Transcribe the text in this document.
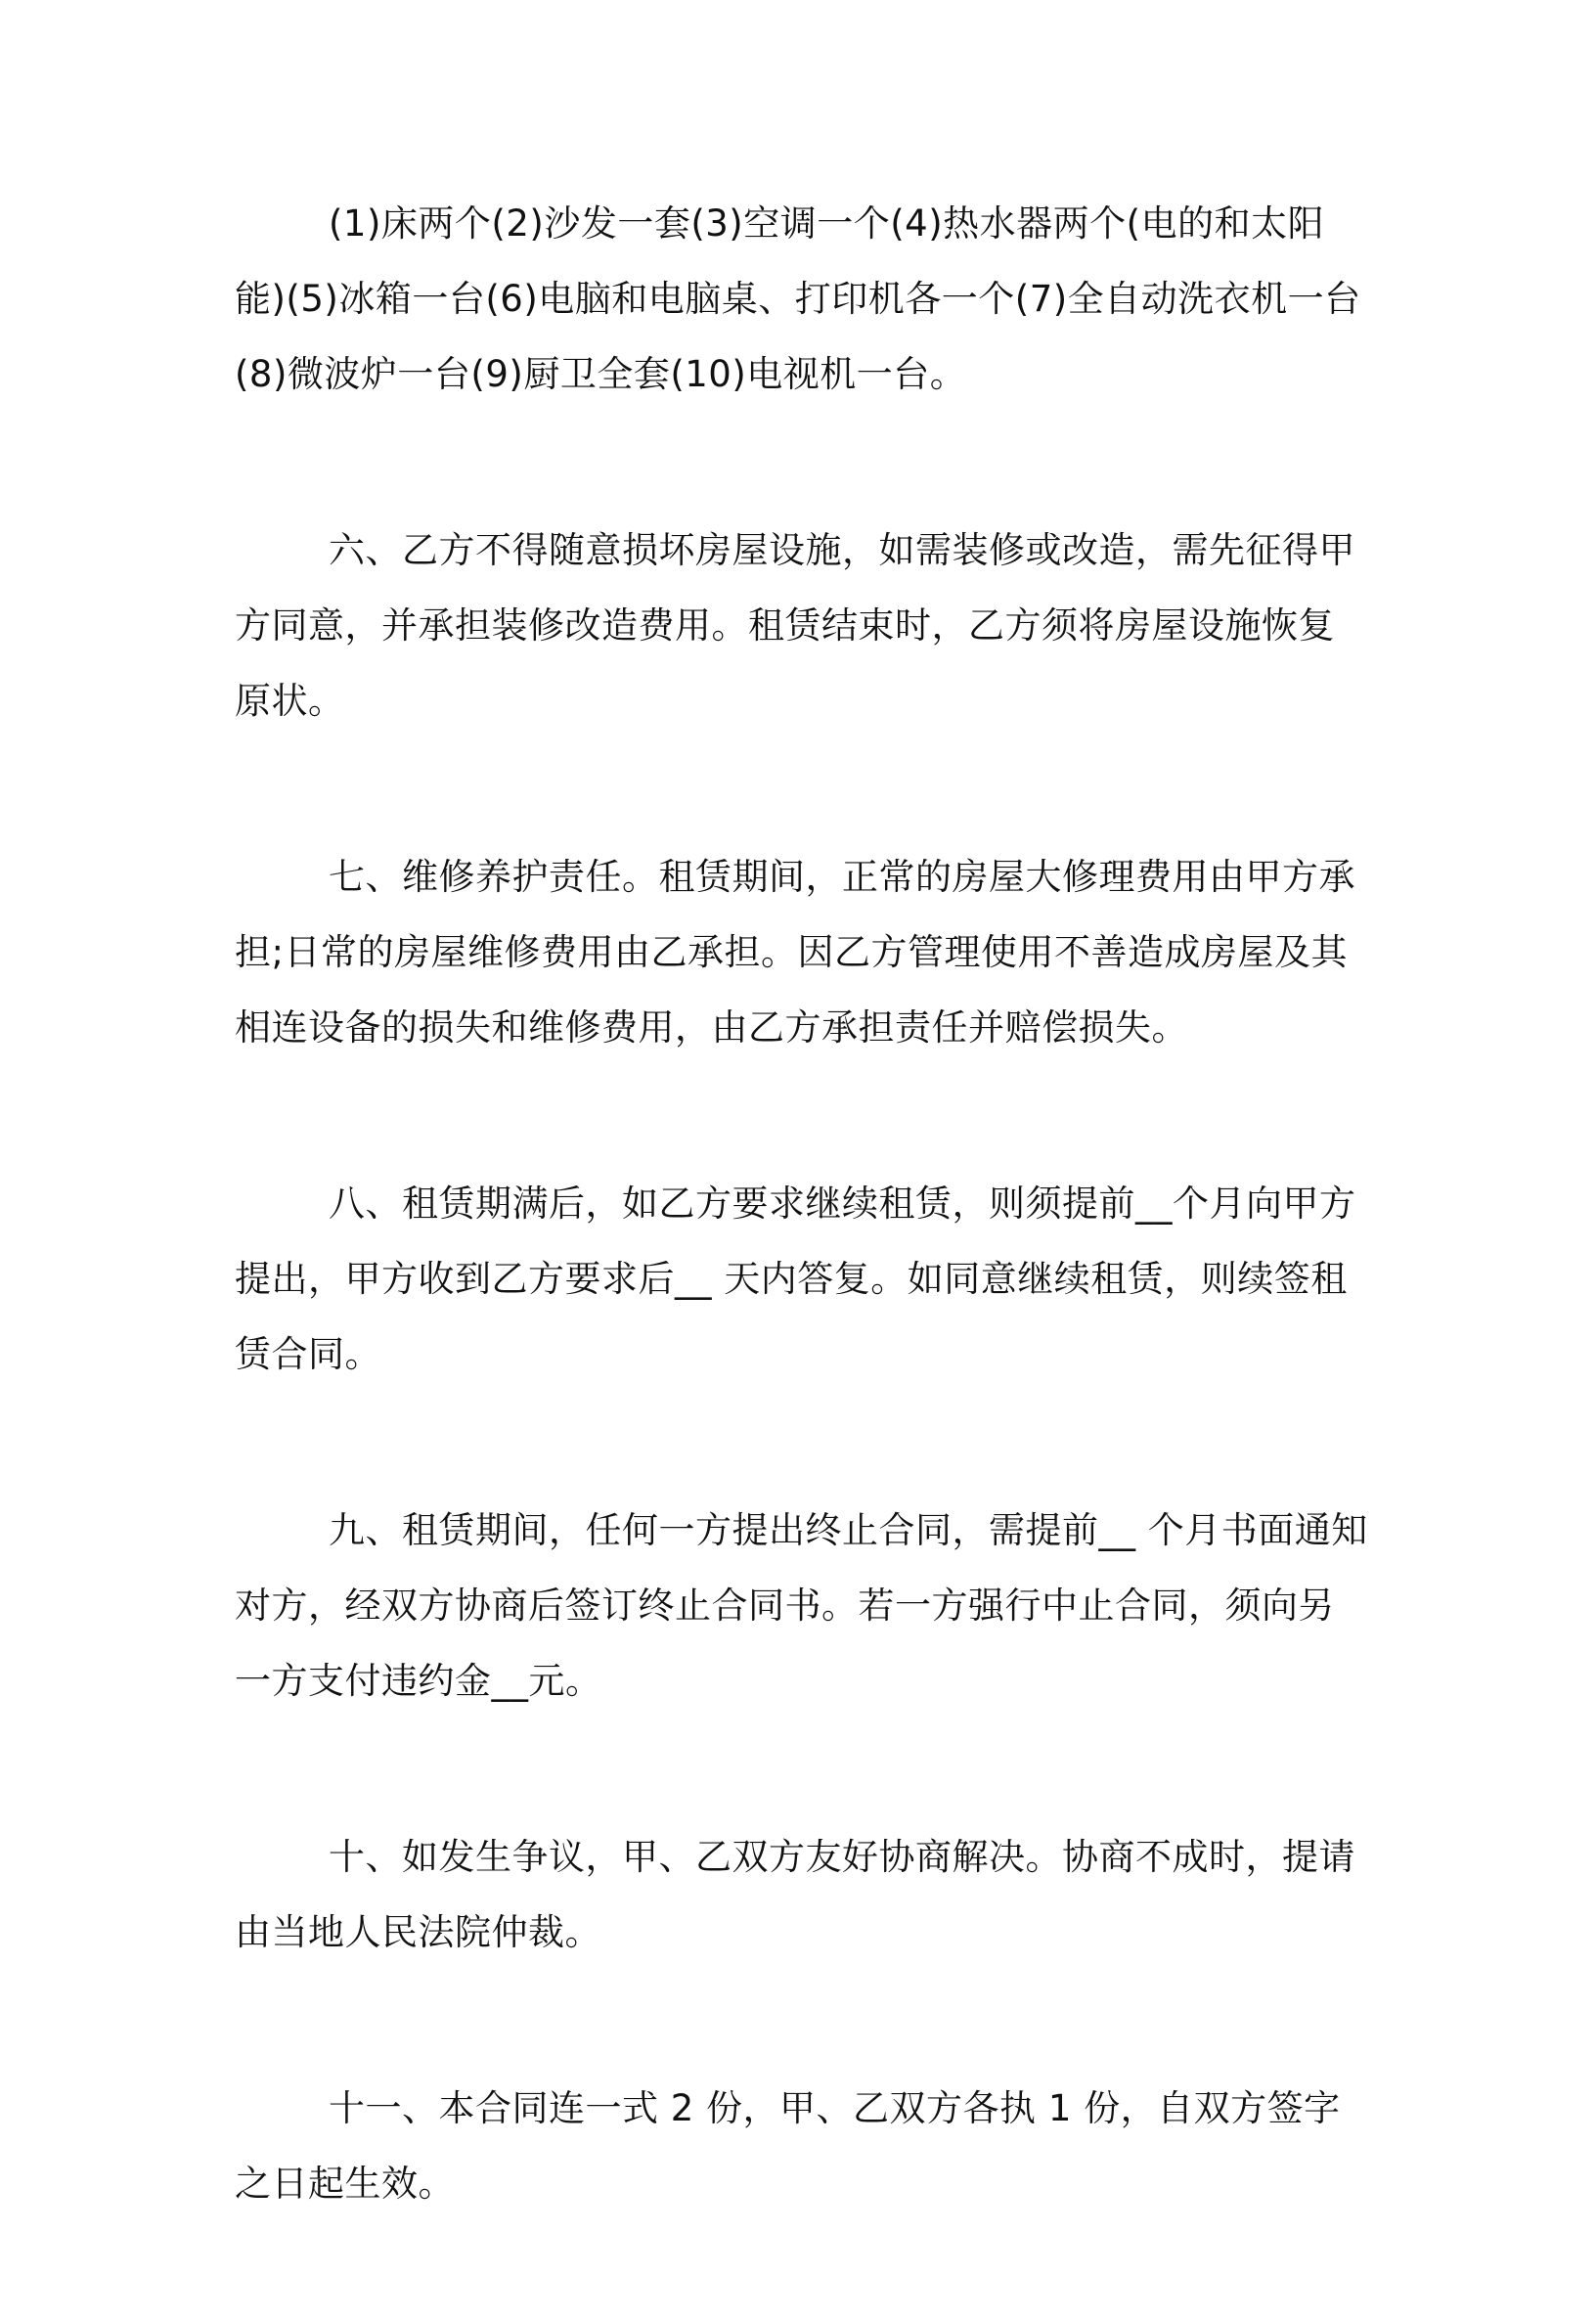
(1)床两个(2)沙发一套(3)空调一个(4)热水器两个(电的和太阳能)(5)冰箱一台(6)电脑和电脑桌、打印机各一个(7)全自动洗衣机一台(8)微波炉一台(9)厨卫全套(10)电视机一台。

六、乙方不得随意损坏房屋设施，如需装修或改造，需先征得甲方同意，并承担装修改造费用。租赁结束时，乙方须将房屋设施恢复原状。

七、维修养护责任。租赁期间，正常的房屋大修理费用由甲方承担;日常的房屋维修费用由乙承担。因乙方管理使用不善造成房屋及其相连设备的损失和维修费用，由乙方承担责任并赔偿损失。

八、租赁期满后，如乙方要求继续租赁，则须提前__个月向甲方提出，甲方收到乙方要求后__ 天内答复。如同意继续租赁，则续签租赁合同。

九、租赁期间，任何一方提出终止合同，需提前__ 个月书面通知对方，经双方协商后签订终止合同书。若一方强行中止合同，须向另一方支付违约金__元。

十、如发生争议，甲、乙双方友好协商解决。协商不成时，提请由当地人民法院仲裁。

十一、本合同连一式 2 份，甲、乙双方各执 1 份，自双方签字之日起生效。
